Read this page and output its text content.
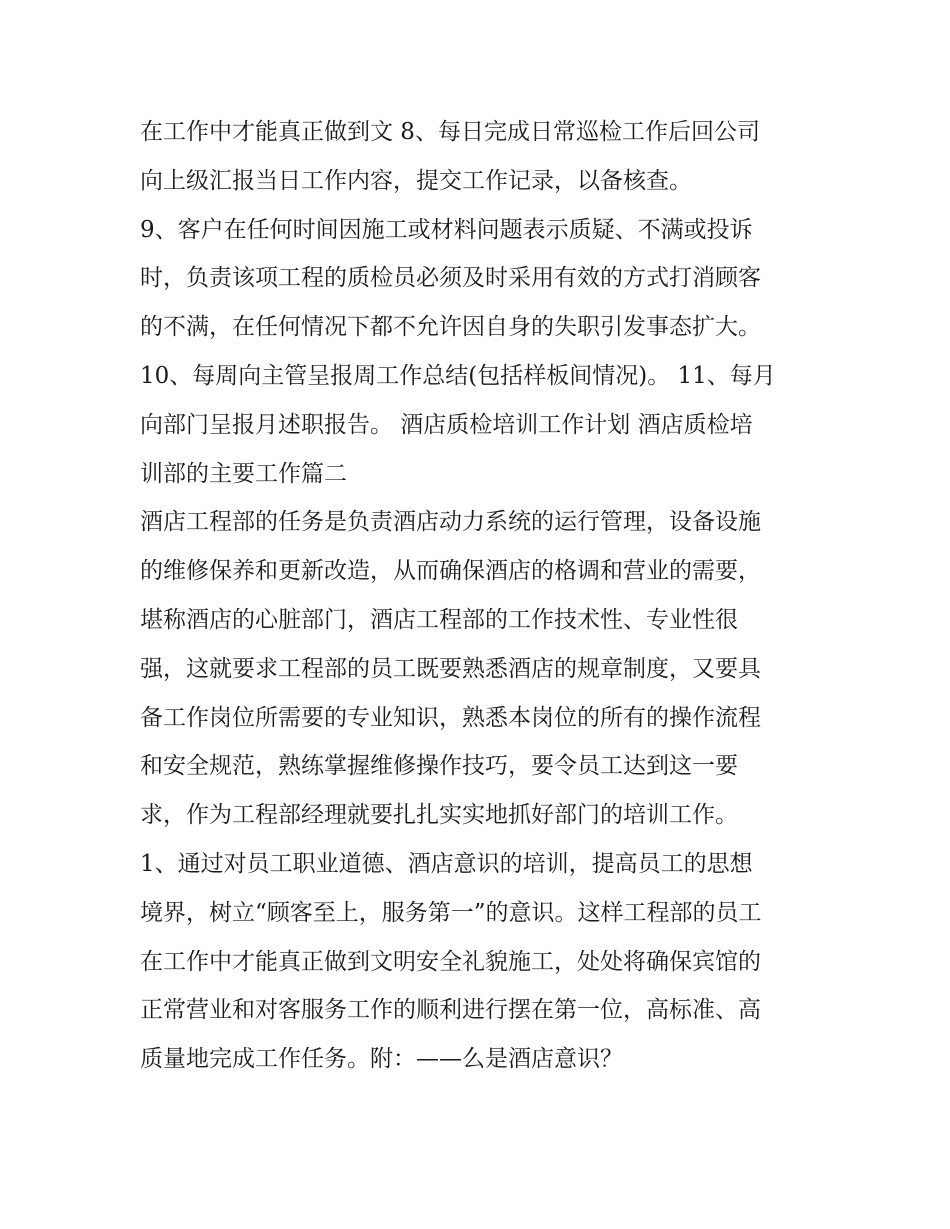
在工作中才能真正做到文 8、每日完成日常巡检工作后回公司
向上级汇报当日工作内容，提交工作记录，以备核查。
9、客户在任何时间因施工或材料问题表示质疑、不满或投诉
时，负责该项工程的质检员必须及时采用有效的方式打消顾客
的不满，在任何情况下都不允许因自身的失职引发事态扩大。
10、每周向主管呈报周工作总结(包括样板间情况)。 11、每月
向部门呈报月述职报告。 酒店质检培训工作计划 酒店质检培
训部的主要工作篇二
酒店工程部的任务是负责酒店动力系统的运行管理，设备设施
的维修保养和更新改造，从而确保酒店的格调和营业的需要，
堪称酒店的心脏部门，酒店工程部的工作技术性、专业性很
强，这就要求工程部的员工既要熟悉酒店的规章制度，又要具
备工作岗位所需要的专业知识，熟悉本岗位的所有的操作流程
和安全规范，熟练掌握维修操作技巧，要令员工达到这一要
求，作为工程部经理就要扎扎实实地抓好部门的培训工作。
1、通过对员工职业道德、酒店意识的培训，提高员工的思想
境界，树立“顾客至上，服务第一”的意识。这样工程部的员工
在工作中才能真正做到文明安全礼貌施工，处处将确保宾馆的
正常营业和对客服务工作的顺利进行摆在第一位，高标准、高
质量地完成工作任务。附：——么是酒店意识？
